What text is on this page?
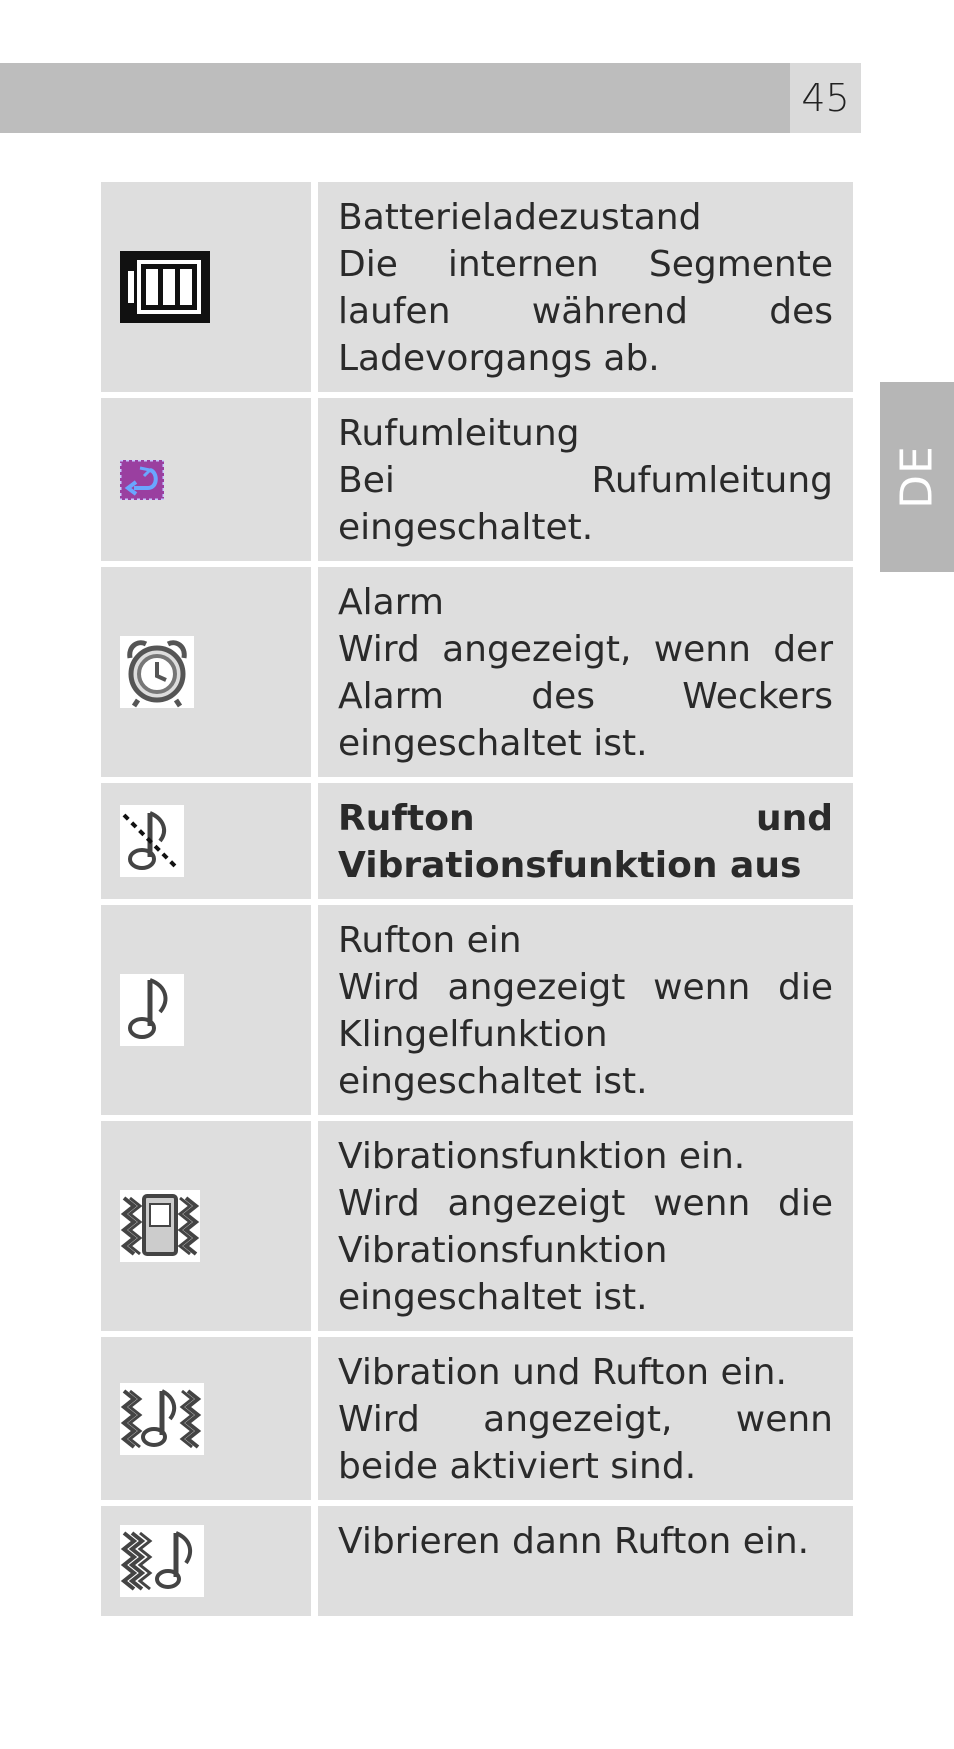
45
DE
Batterieladezustand
Die internen Segmente laufen während des Ladevorgangs ab.
Rufumleitung
Bei Rufumleitung eingeschaltet.
Alarm
Wird angezeigt, wenn der Alarm des Weckers eingeschaltet ist.
Rufton und Vibrationsfunktion aus
Rufton ein
Wird angezeigt wenn die Klingelfunktion eingeschaltet ist.
Vibrationsfunktion ein.
Wird angezeigt wenn die Vibrationsfunktion eingeschaltet ist.
Vibration und Rufton ein.
Wird angezeigt, wenn beide aktiviert sind.
Vibrieren dann Rufton ein.
